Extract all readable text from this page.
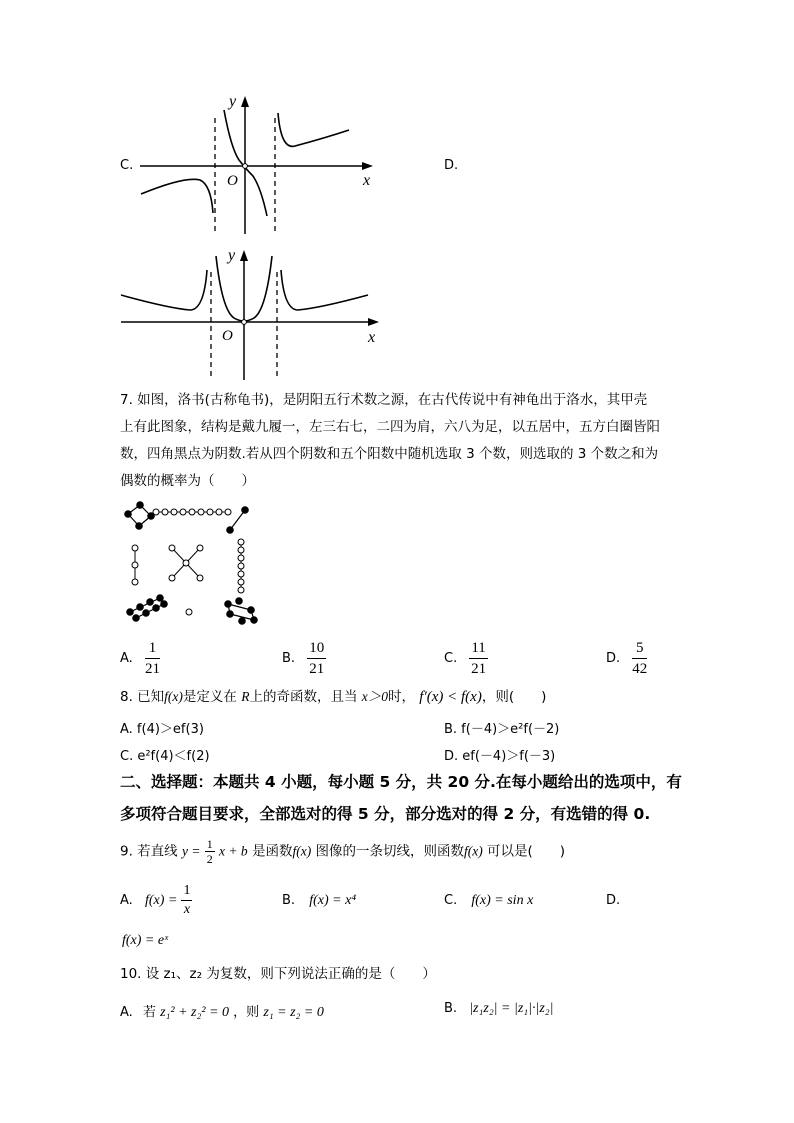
C.
O	x
y
D.
O	x
y
7. 如图，洛书(古称龟书)，是阴阳五行术数之源，在古代传说中有神龟出于洛水，其甲壳
上有此图象，结构是戴九履一，左三右七，二四为肩，六八为足，以五居中，五方白圈皆阳
数，四角黑点为阴数.若从四个阴数和五个阳数中随机选取 3 个数，则选取的 3 个数之和为
偶数的概率为（　　）
A. $\frac{1}{21}$	B. $\frac{10}{21}$	C. $\frac{11}{21}$	D. $\frac{5}{42}$
8. 已知f(x)是定义在 R上的奇函数，且当 x＞0时， f′(x) < f(x)，则(　　)
A. f(4)＞ef(3)	B. f(－4)＞e²f(－2)
C. e²f(4)＜f(2)	D. ef(－4)＞f(－3)
二、选择题：本题共 4 小题，每小题 5 分，共 20 分.在每小题给出的选项中，有
多项符合题目要求，全部选对的得 5 分，部分选对的得 2 分，有选错的得 0.
9. 若直线 $y = \frac{1}{2}$ x + b 是函数f(x) 图像的一条切线，则函数f(x) 可以是(　　)
A. $f(x) = \frac{1}{x}$	B. f(x) = x⁴	C. f(x) = sin x	D.
f(x) = eˣ
10. 设 z₁、z₂ 为复数，则下列说法正确的是（　　）
A. 若 z₁² + z₂² = 0 ，则 z₁ = z₂ = 0	B. |z₁z₂| = |z₁|·|z₂|
